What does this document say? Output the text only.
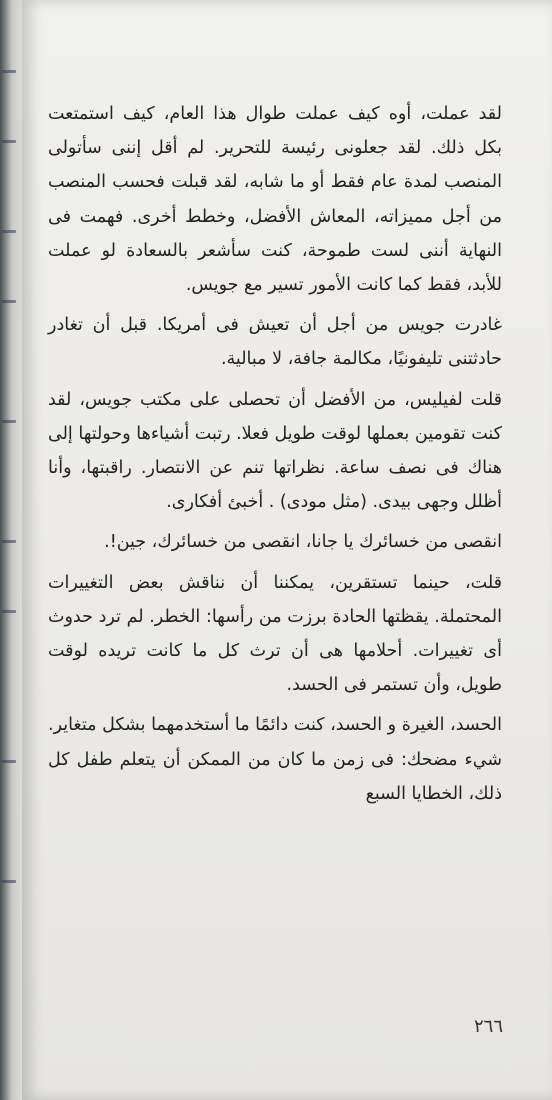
لقد عملت، أوه كيف عملت طوال هذا العام، كيف استمتعت بكل ذلك. لقد جعلونى رئيسة للتحرير. لم أقل إننى سأتولى المنصب لمدة عام فقط أو ما شابه، لقد قبلت فحسب المنصب من أجل مميزاته، المعاش الأفضل، وخطط أخرى. فهمت فى النهاية أننى لست طموحة، كنت سأشعر بالسعادة لو عملت للأبد، فقط كما كانت الأمور تسير مع جويس.

غادرت جويس من أجل أن تعيش فى أمريكا. قبل أن تغادر حادثتنى تليفونيًا، مكالمة جافة، لا مبالية.

قلت لفيليس، من الأفضل أن تحصلى على مكتب جويس، لقد كنت تقومين بعملها لوقت طويل فعلا. رتبت أشياءها وحولتها إلى هناك فى نصف ساعة. نظراتها تنم عن الانتصار. راقبتها، وأنا أظلل وجهى بيدى. (مثل مودى) . أخبئ أفكارى.

انقصى من خسائرك يا جانا، انقصى من خسائرك، جين!.

قلت، حينما تستقرين، يمكننا أن نناقش بعض التغييرات المحتملة. يقظتها الحادة برزت من رأسها: الخطر. لم ترد حدوث أى تغييرات. أحلامها هى أن ترث كل ما كانت تريده لوقت طويل، وأن تستمر فى الحسد.

الحسد، الغيرة و الحسد، كنت دائمًا ما أستخدمهما بشكل متغاير. شيء مضحك: فى زمن ما كان من الممكن أن يتعلم طفل كل ذلك، الخطايا السبع

٢٦٦
